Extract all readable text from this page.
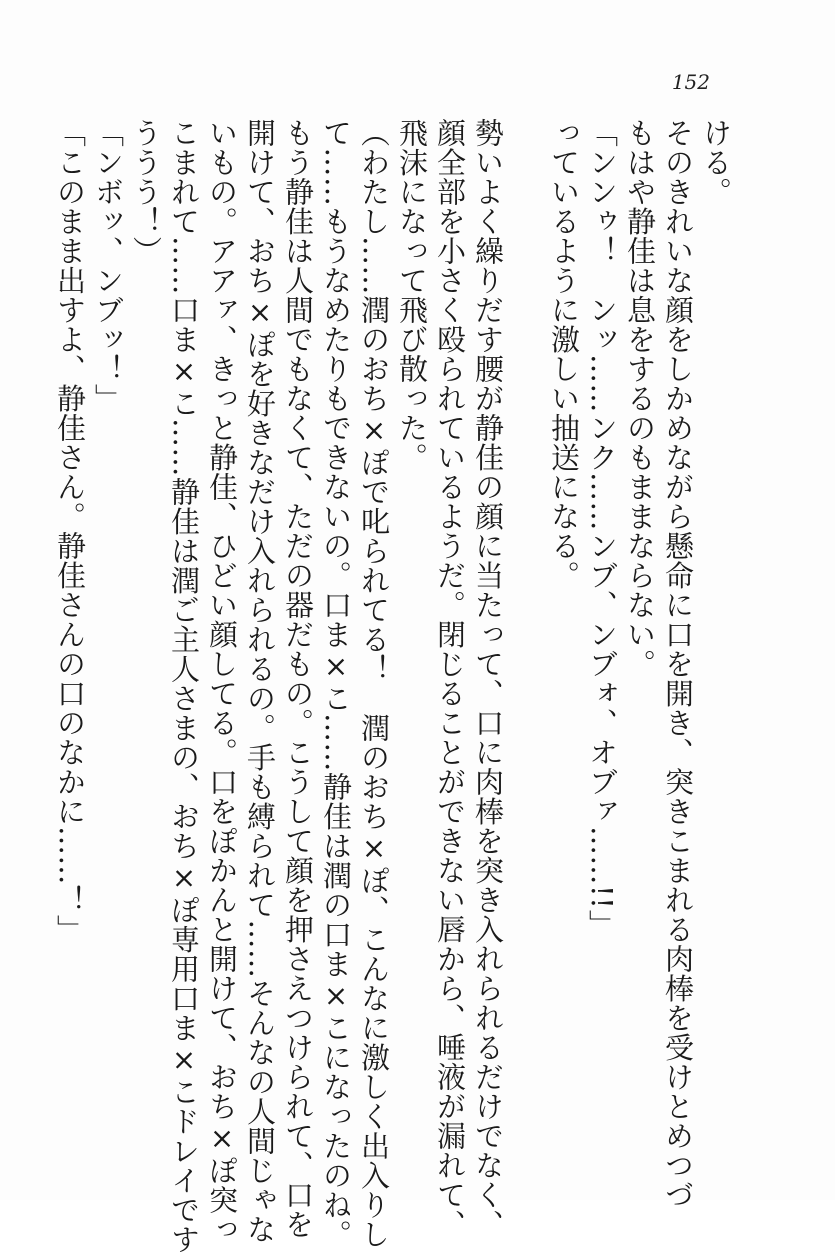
152
ける。
そのきれいな顔をしかめながら懸命に口を開き、突きこまれる肉棒を受けとめつづ
もはや静佳は息をするのもままならない。
「ンンゥ！　ンッ……ンク……ンブ、ンブォ、オブァ……!!」
っているように激しい抽送になる。

勢いよく繰りだす腰が静佳の顔に当たって、口に肉棒を突き入れられるだけでなく、
顔全部を小さく殴られているようだ。閉じることができない唇から、唾液が漏れて、
飛沫になって飛び散った。
（わたし……潤のおち×ぽで叱られてる！　潤のおち×ぽ、こんなに激しく出入りし
て……もうなめたりもできないの。口ま×こ……静佳は潤の口ま×こになったのね。
もう静佳は人間でもなくて、ただの器だもの。こうして顔を押さえつけられて、口を
開けて、おち×ぽを好きなだけ入れられるの。手も縛られて……そんなの人間じゃな
いもの。アアァ、きっと静佳、ひどい顔してる。口をぽかんと開けて、おち×ぽ突っ
こまれて……口ま×こ……静佳は潤ご主人さまの、おち×ぽ専用口ま×こドレイです
ううう！）
「ンボッ、ンブッ！」
「このまま出すよ、静佳さん。静佳さんの口のなかに……！」
